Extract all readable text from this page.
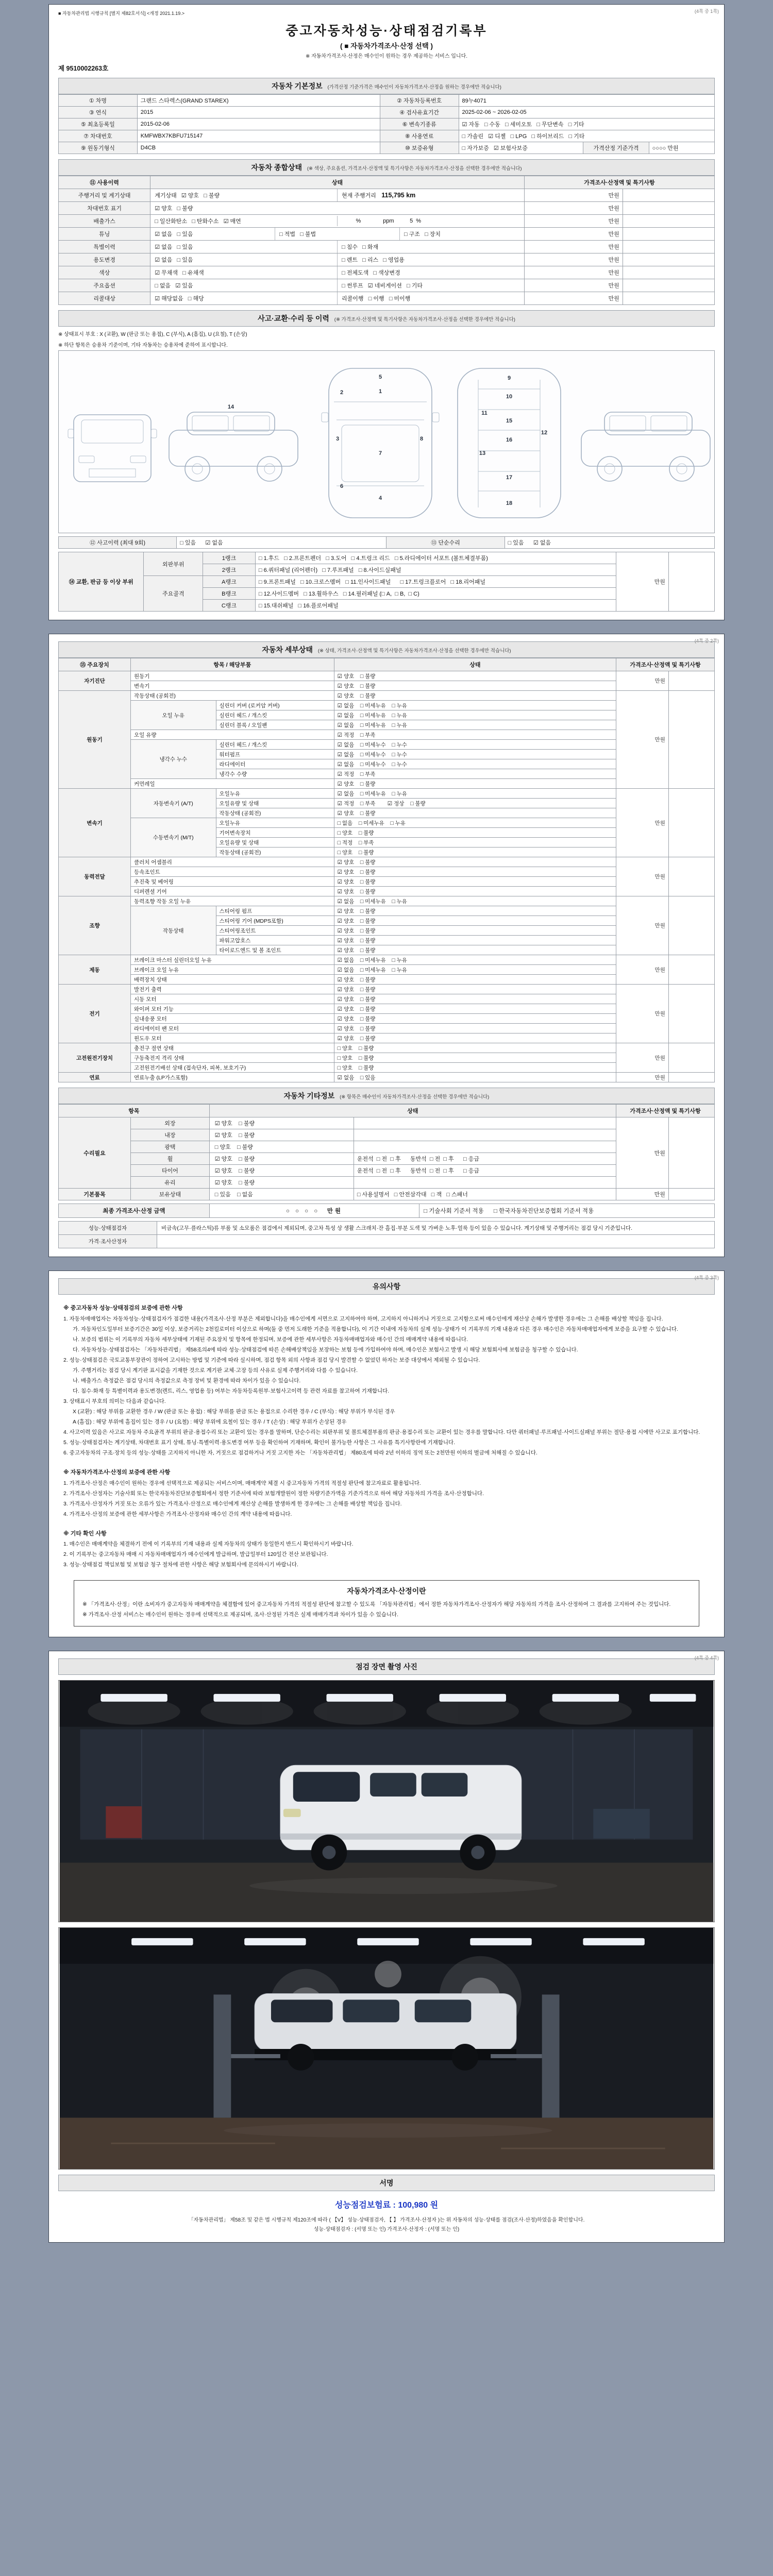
(4쪽 중 1쪽)
■ 자동차관리법 시행규칙 [별지 제82호서식] <개정 2021.1.19.>
중고자동차성능·상태점검기록부
( ■ 자동차가격조사·산정 선택 )
※ 자동차가격조사·산정은 매수인이 원하는 경우 제공하는 서비스 입니다.
제 9510002263호
자동차 기본정보 (가격산정 기준가격은 매수인이 자동차가격조사·산정을 원하는 경우에만 적습니다)
① 차명	그랜드 스타렉스(GRAND STAREX)	② 자동차등록번호	89누4071		
③ 연식	2015	④ 검사유효기간	2025-02-06 ~ 2026-02-05		
⑤ 최초등록일	2015-02-06	⑥ 변속기종류	☑ 자동   □ 수동   □ 세미오토   □ 무단변속   □ 기타		
⑦ 차대번호	KMFWBX7KBFU715147	⑧ 사용연료	□ 가솔린   ☑ 디젤   □ LPG   □ 하이브리드   □ 기타		
⑨ 원동기형식	D4CB	⑩ 보증유형	□ 자가보증   ☑ 보험사보증	가격산정 기준가격	○○○○ 만원
자동차 종합상태 (※ 색상, 주요옵션, 가격조사·산정액 및 특기사항은 자동차가격조사·산정을 선택한 경우에만 적습니다)
⑪ 사용이력	상태	가격조사·산정액 및 특기사항	
주행거리 및 계기상태	계기상태   ☑ 양호   □ 불량 현재 주행거리   115,795 km	만원	
차대번호 표기	☑ 양호   □ 불량	만원	
배출가스	□ 일산화탄소   □ 탄화수소   ☑ 매연 %              ppm          5  %	만원	
튜닝	☑ 없음   □ 있음 □ 적법   □ 불법 □ 구조   □ 장치	만원	
특별이력	☑ 없음   □ 있음 □ 침수   □ 화재	만원	
용도변경	☑ 없음   □ 있음 □ 렌트   □ 리스   □ 영업용	만원	
색상	☑ 무채색   □ 유채색 □ 전체도색   □ 색상변경	만원	
주요옵션	□ 없음   ☑ 있음 □ 썬루프   ☑ 네비게이션   □ 기타	만원	
리콜대상	☑ 해당없음   □ 해당 리콜이행   □ 이행   □ 미이행	만원	
사고·교환·수리 등 이력 (※ 가격조사·산정액 및 특기사항은 자동차가격조사·산정을 선택한 경우에만 적습니다)
※ 상태표시 부호 : X (교환), W (판금 또는 용접), C (부식), A (흠집), U (요철), T (손상)
※ 하단 항목은 승용차 기준이며, 기타 자동차는 승용차에 준하여 표시합니다.
1
2
3
4
5
6
7
8
9
10
11
12
13
14
15
16
17
18
⑫ 사고이력 (최대 9회)	□ 있음      ☑ 없음	⑬ 단순수리	□ 있음      ☑ 없음
⑭ 교환, 판금 등 이상 부위	외판부위	1랭크	□ 1.후드   □ 2.프론트펜더   □ 3.도어   □ 4.트렁크 리드   □ 5.라디에이터 서포트 (볼트체결부품)	만원	
		2랭크	□ 6.쿼터패널 (리어펜더)   □ 7.루프패널   □ 8.사이드실패널		
	주요골격	A랭크	□ 9.프론트패널   □ 10.크로스멤버   □ 11.인사이드패널      □ 17.트렁크플로어   □ 18.리어패널		
		B랭크	□ 12.사이드멤버   □ 13.휠하우스   □ 14.필러패널 (□ A,  □ B,  □ C)		
		C랭크	□ 15.대쉬패널   □ 16.플로어패널		
(4쪽 중 2쪽)
자동차 세부상태 (※ 상태, 가격조사·산정액 및 특기사항은 자동차가격조사·산정을 선택한 경우에만 적습니다)
⑮ 주요장치	항목 / 해당부품		상태	가격조사·산정액 및 특기사항	
자기진단	원동기		☑ 양호    □ 불량	만원	
	변속기		☑ 양호    □ 불량		
원동기	작동상태 (공회전)		☑ 양호    □ 불량	만원	
	오일 누유	실린더 커버 (로커암 커버)	☑ 없음    □ 미세누유    □ 누유		
		실린더 헤드 / 개스킷	☑ 없음    □ 미세누유    □ 누유		
		실린더 블록 / 오일팬	☑ 없음    □ 미세누유    □ 누유		
	오일 유량		☑ 적정    □ 부족		
	냉각수 누수	실린더 헤드 / 개스킷	☑ 없음    □ 미세누수    □ 누수		
		워터펌프	☑ 없음    □ 미세누수    □ 누수		
		라디에이터	☑ 없음    □ 미세누수    □ 누수		
		냉각수 수량	☑ 적정    □ 부족		
	커먼레일		☑ 양호    □ 불량		
변속기	자동변속기 (A/T)	오일누유	☑ 없음    □ 미세누유    □ 누유	만원	
		오일유량 및 상태	☑ 적정    □ 부족        ☑ 정상    □ 불량		
		작동상태 (공회전)	☑ 양호    □ 불량		
	수동변속기 (M/T)	오일누유	□ 없음    □ 미세누유    □ 누유		
		기어변속장치	□ 양호    □ 불량		
		오일유량 및 상태	□ 적정    □ 부족		
		작동상태 (공회전)	□ 양호    □ 불량		
동력전달	클러치 어셈블리		☑ 양호    □ 불량	만원	
	등속조인트		☑ 양호    □ 불량		
	추진축 및 베어링		☑ 양호    □ 불량		
	디퍼렌셜 기어		☑ 양호    □ 불량		
조향	동력조향 작동 오일 누유		☑ 없음    □ 미세누유    □ 누유	만원	
	작동상태	스티어링 펌프	☑ 양호    □ 불량		
		스티어링 기어 (MDPS포함)	☑ 양호    □ 불량		
		스티어링조인트	☑ 양호    □ 불량		
		파워고압호스	☑ 양호    □ 불량		
		타이로드엔드 및 볼 조인트	☑ 양호    □ 불량		
제동	브레이크 마스터 실린더오일 누유		☑ 없음    □ 미세누유    □ 누유	만원	
	브레이크 오일 누유		☑ 없음    □ 미세누유    □ 누유		
	배력장치 상태		☑ 양호    □ 불량		
전기	발전기 출력		☑ 양호    □ 불량	만원	
	시동 모터		☑ 양호    □ 불량		
	와이퍼 모터 기능		☑ 양호    □ 불량		
	실내송풍 모터		☑ 양호    □ 불량		
	라디에이터 팬 모터		☑ 양호    □ 불량		
	윈도우 모터		☑ 양호    □ 불량		
고전원전기장치	충전구 절연 상태		□ 양호    □ 불량	만원	
	구동축전지 격리 상태		□ 양호    □ 불량		
	고전원전기배선 상태 (접속단자, 피복, 보호기구)		□ 양호    □ 불량		
연료	연료누출 (LP가스포함)		☑ 없음    □ 있음	만원	
자동차 기타정보 (※ 항목은 매수인이 자동차가격조사·산정을 선택한 경우에만 적습니다)
항목		상태		가격조사·산정액 및 특기사항	
수리필요	외장	☑ 양호    □ 불량		만원	
	내장	☑ 양호    □ 불량			
	광택	□ 양호    □ 불량			
	휠	☑ 양호    □ 불량	운전석  □ 전  □ 후      동반석  □ 전  □ 후      □ 응급		
	타이어	☑ 양호    □ 불량	운전석  □ 전  □ 후      동반석  □ 전  □ 후      □ 응급		
	유리	☑ 양호    □ 불량			
기본품목	보유상태	□ 있음    □ 없음	□ 사용설명서   □ 안전삼각대   □ 잭   □ 스패너	만원	
최종 가격조사·산정 금액	○ ○ ○ ○  만원	□ 기술사회 기준서 적용      □ 한국자동차진단보증협회 기준서 적용
성능·상태점검자	비금속(고무·플라스틱)류 부품 및 소모품은 점검에서 제외되며, 중고차 특성 상 생활 스크래치·잔 흠집·부분 도색 및 가벼운 노후·얼룩 등이 있을 수 있습니다. 계기상태 및 주행거리는 점검 당시 기준입니다.
가격·조사산정자	
(4쪽 중 3쪽)
유의사항
※ 중고자동차 성능·상태점검의 보증에 관한 사항
1. 자동차매매업자는 자동차성능·상태점검자가 점검한 내용(가격조사·산정 부분은 제외합니다)을 매수인에게 서면으로 고지하여야 하며, 고지하지 아니하거나 거짓으로 고지함으로써 매수인에게 재산상 손해가 발생한 경우에는 그 손해를 배상할 책임을 집니다.
가. 자동차인도일부터 보증기간은 30일 이상, 보증거리는 2천킬로미터 이상으로 하며(둘 중 먼저 도래한 기준을 적용합니다), 이 기간 이내에 자동차의 실제 성능·상태가 이 기록부의 기재 내용과 다른 경우 매수인은 자동차매매업자에게 보증을 요구할 수 있습니다.
나. 보증의 범위는 이 기록부의 자동차 세부상태에 기재된 주요장치 및 항목에 한정되며, 보증에 관한 세부사항은 자동차매매업자와 매수인 간의 매매계약 내용에 따릅니다.
다. 자동차성능·상태점검자는 「자동차관리법」 제58조의4에 따라 성능·상태점검에 따른 손해배상책임을 보장하는 보험 등에 가입하여야 하며, 매수인은 보험사고 발생 시 해당 보험회사에 보험금을 청구할 수 있습니다.
2. 성능·상태점검은 국토교통부장관이 정하여 고시하는 방법 및 기준에 따라 실시하며, 점검 항목 외의 사항과 점검 당시 발견할 수 없었던 하자는 보증 대상에서 제외될 수 있습니다.
가. 주행거리는 점검 당시 계기판 표시값을 기재한 것으로 계기판 교체·고장 등의 사유로 실제 주행거리와 다를 수 있습니다.
나. 배출가스 측정값은 점검 당시의 측정값으로 측정 장비 및 환경에 따라 차이가 있을 수 있습니다.
다. 침수·화재 등 특별이력과 용도변경(렌트, 리스, 영업용 등) 여부는 자동차등록원부·보험사고이력 등 관련 자료를 참고하여 기재합니다.
3. 상태표시 부호의 의미는 다음과 같습니다.
X (교환) : 해당 부위를 교환한 경우 / W (판금 또는 용접) : 해당 부위를 판금 또는 용접으로 수리한 경우 / C (부식) : 해당 부위가 부식된 경우
A (흠집) : 해당 부위에 흠집이 있는 경우 / U (요철) : 해당 부위에 요철이 있는 경우 / T (손상) : 해당 부위가 손상된 경우
4. 사고이력 있음은 사고로 자동차 주요골격 부위의 판금·용접수리 또는 교환이 있는 경우를 말하며, 단순수리는 외판부위 및 볼트체결부품의 판금·용접수리 또는 교환이 있는 경우를 말합니다. 다만 쿼터패널·루프패널·사이드실패널 부위는 절단·용접 시에만 사고로 표기합니다.
5. 성능·상태점검자는 계기상태, 차대번호 표기 상태, 튜닝·특별이력·용도변경 여부 등을 확인하여 기재하며, 확인이 불가능한 사항은 그 사유를 특기사항란에 기재합니다.
6. 중고자동차의 구조·장치 등의 성능·상태를 고지하지 아니한 자, 거짓으로 점검하거나 거짓 고지한 자는 「자동차관리법」 제80조에 따라 2년 이하의 징역 또는 2천만원 이하의 벌금에 처해질 수 있습니다.
※ 자동차가격조사·산정의 보증에 관한 사항
1. 가격조사·산정은 매수인이 원하는 경우에 선택적으로 제공되는 서비스이며, 매매계약 체결 시 중고자동차 가격의 적절성 판단에 참고자료로 활용됩니다.
2. 가격조사·산정자는 기술사회 또는 한국자동차진단보증협회에서 정한 기준서에 따라 보험개발원이 정한 차량기준가액을 기준가격으로 하여 해당 자동차의 가격을 조사·산정합니다.
3. 가격조사·산정자가 거짓 또는 오류가 있는 가격조사·산정으로 매수인에게 재산상 손해를 발생하게 한 경우에는 그 손해를 배상할 책임을 집니다.
4. 가격조사·산정의 보증에 관한 세부사항은 가격조사·산정자와 매수인 간의 계약 내용에 따릅니다.
※ 기타 확인 사항
1. 매수인은 매매계약을 체결하기 전에 이 기록부의 기재 내용과 실제 자동차의 상태가 동일한지 반드시 확인하시기 바랍니다.
2. 이 기록부는 중고자동차 매매 시 자동차매매업자가 매수인에게 발급하며, 발급일부터 120일간 전산 보관됩니다.
3. 성능·상태점검 책임보험 및 보험금 청구 절차에 관한 사항은 해당 보험회사에 문의하시기 바랍니다.
자동차가격조사·산정이란
※ 「가격조사·산정」이란 소비자가 중고자동차 매매계약을 체결함에 있어 중고자동차 가격의 적절성 판단에 참고할 수 있도록 「자동차관리법」에서 정한 자동차가격조사·산정자가 해당 자동차의 가격을 조사·산정하여 그 결과를 고지하여 주는 것입니다.
※ 가격조사·산정 서비스는 매수인이 원하는 경우에 선택적으로 제공되며, 조사·산정된 가격은 실제 매매가격과 차이가 있을 수 있습니다.
(4쪽 중 4쪽)
점검 장면 촬영 사진
서명
성능점검보험료 : 100,980 원
「자동차관리법」 제58조 및 같은 법 시행규칙 제120조에 따라 ( 【V】 성능·상태점검자, 【 】 가격조사·산정자 )는 위 자동차의 성능·상태를 점검(조사·산정)하였음을 확인합니다.
성능·상태점검자 : (서명 또는 인) 가격조사·산정자 : (서명 또는 인)
